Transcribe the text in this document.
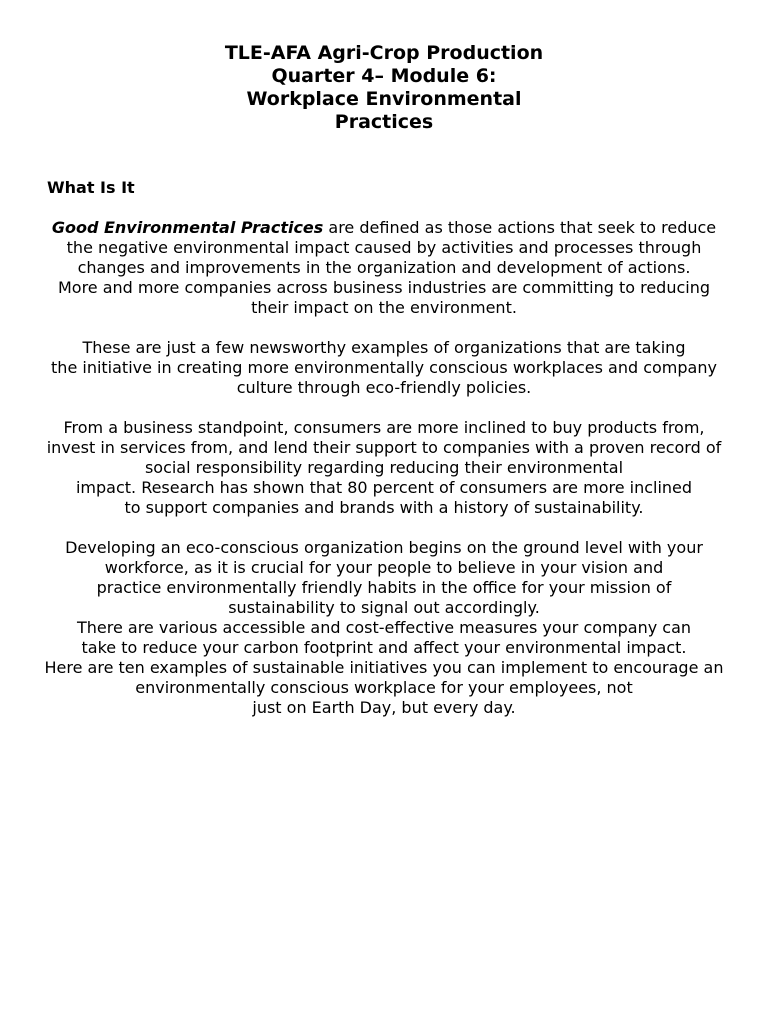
TLE-AFA Agri-Crop Production
Quarter 4– Module 6:
Workplace Environmental
Practices
What Is It
Good Environmental Practices are defined as those actions that seek to reduce
the negative environmental impact caused by activities and processes through
changes and improvements in the organization and development of actions.
More and more companies across business industries are committing to reducing their impact on the environment.
These are just a few newsworthy examples of organizations that are taking
the initiative in creating more environmentally conscious workplaces and company culture through eco-friendly policies.
From a business standpoint, consumers are more inclined to buy products from, invest in services from, and lend their support to companies with a proven record of social responsibility regarding reducing their environmental
impact. Research has shown that 80 percent of consumers are more inclined
to support companies and brands with a history of sustainability.
Developing an eco-conscious organization begins on the ground level with your workforce, as it is crucial for your people to believe in your vision and
practice environmentally friendly habits in the office for your mission of sustainability to signal out accordingly.
There are various accessible and cost-effective measures your company can
take to reduce your carbon footprint and affect your environmental impact.
Here are ten examples of sustainable initiatives you can implement to encourage an environmentally conscious workplace for your employees, not
just on Earth Day, but every day.
